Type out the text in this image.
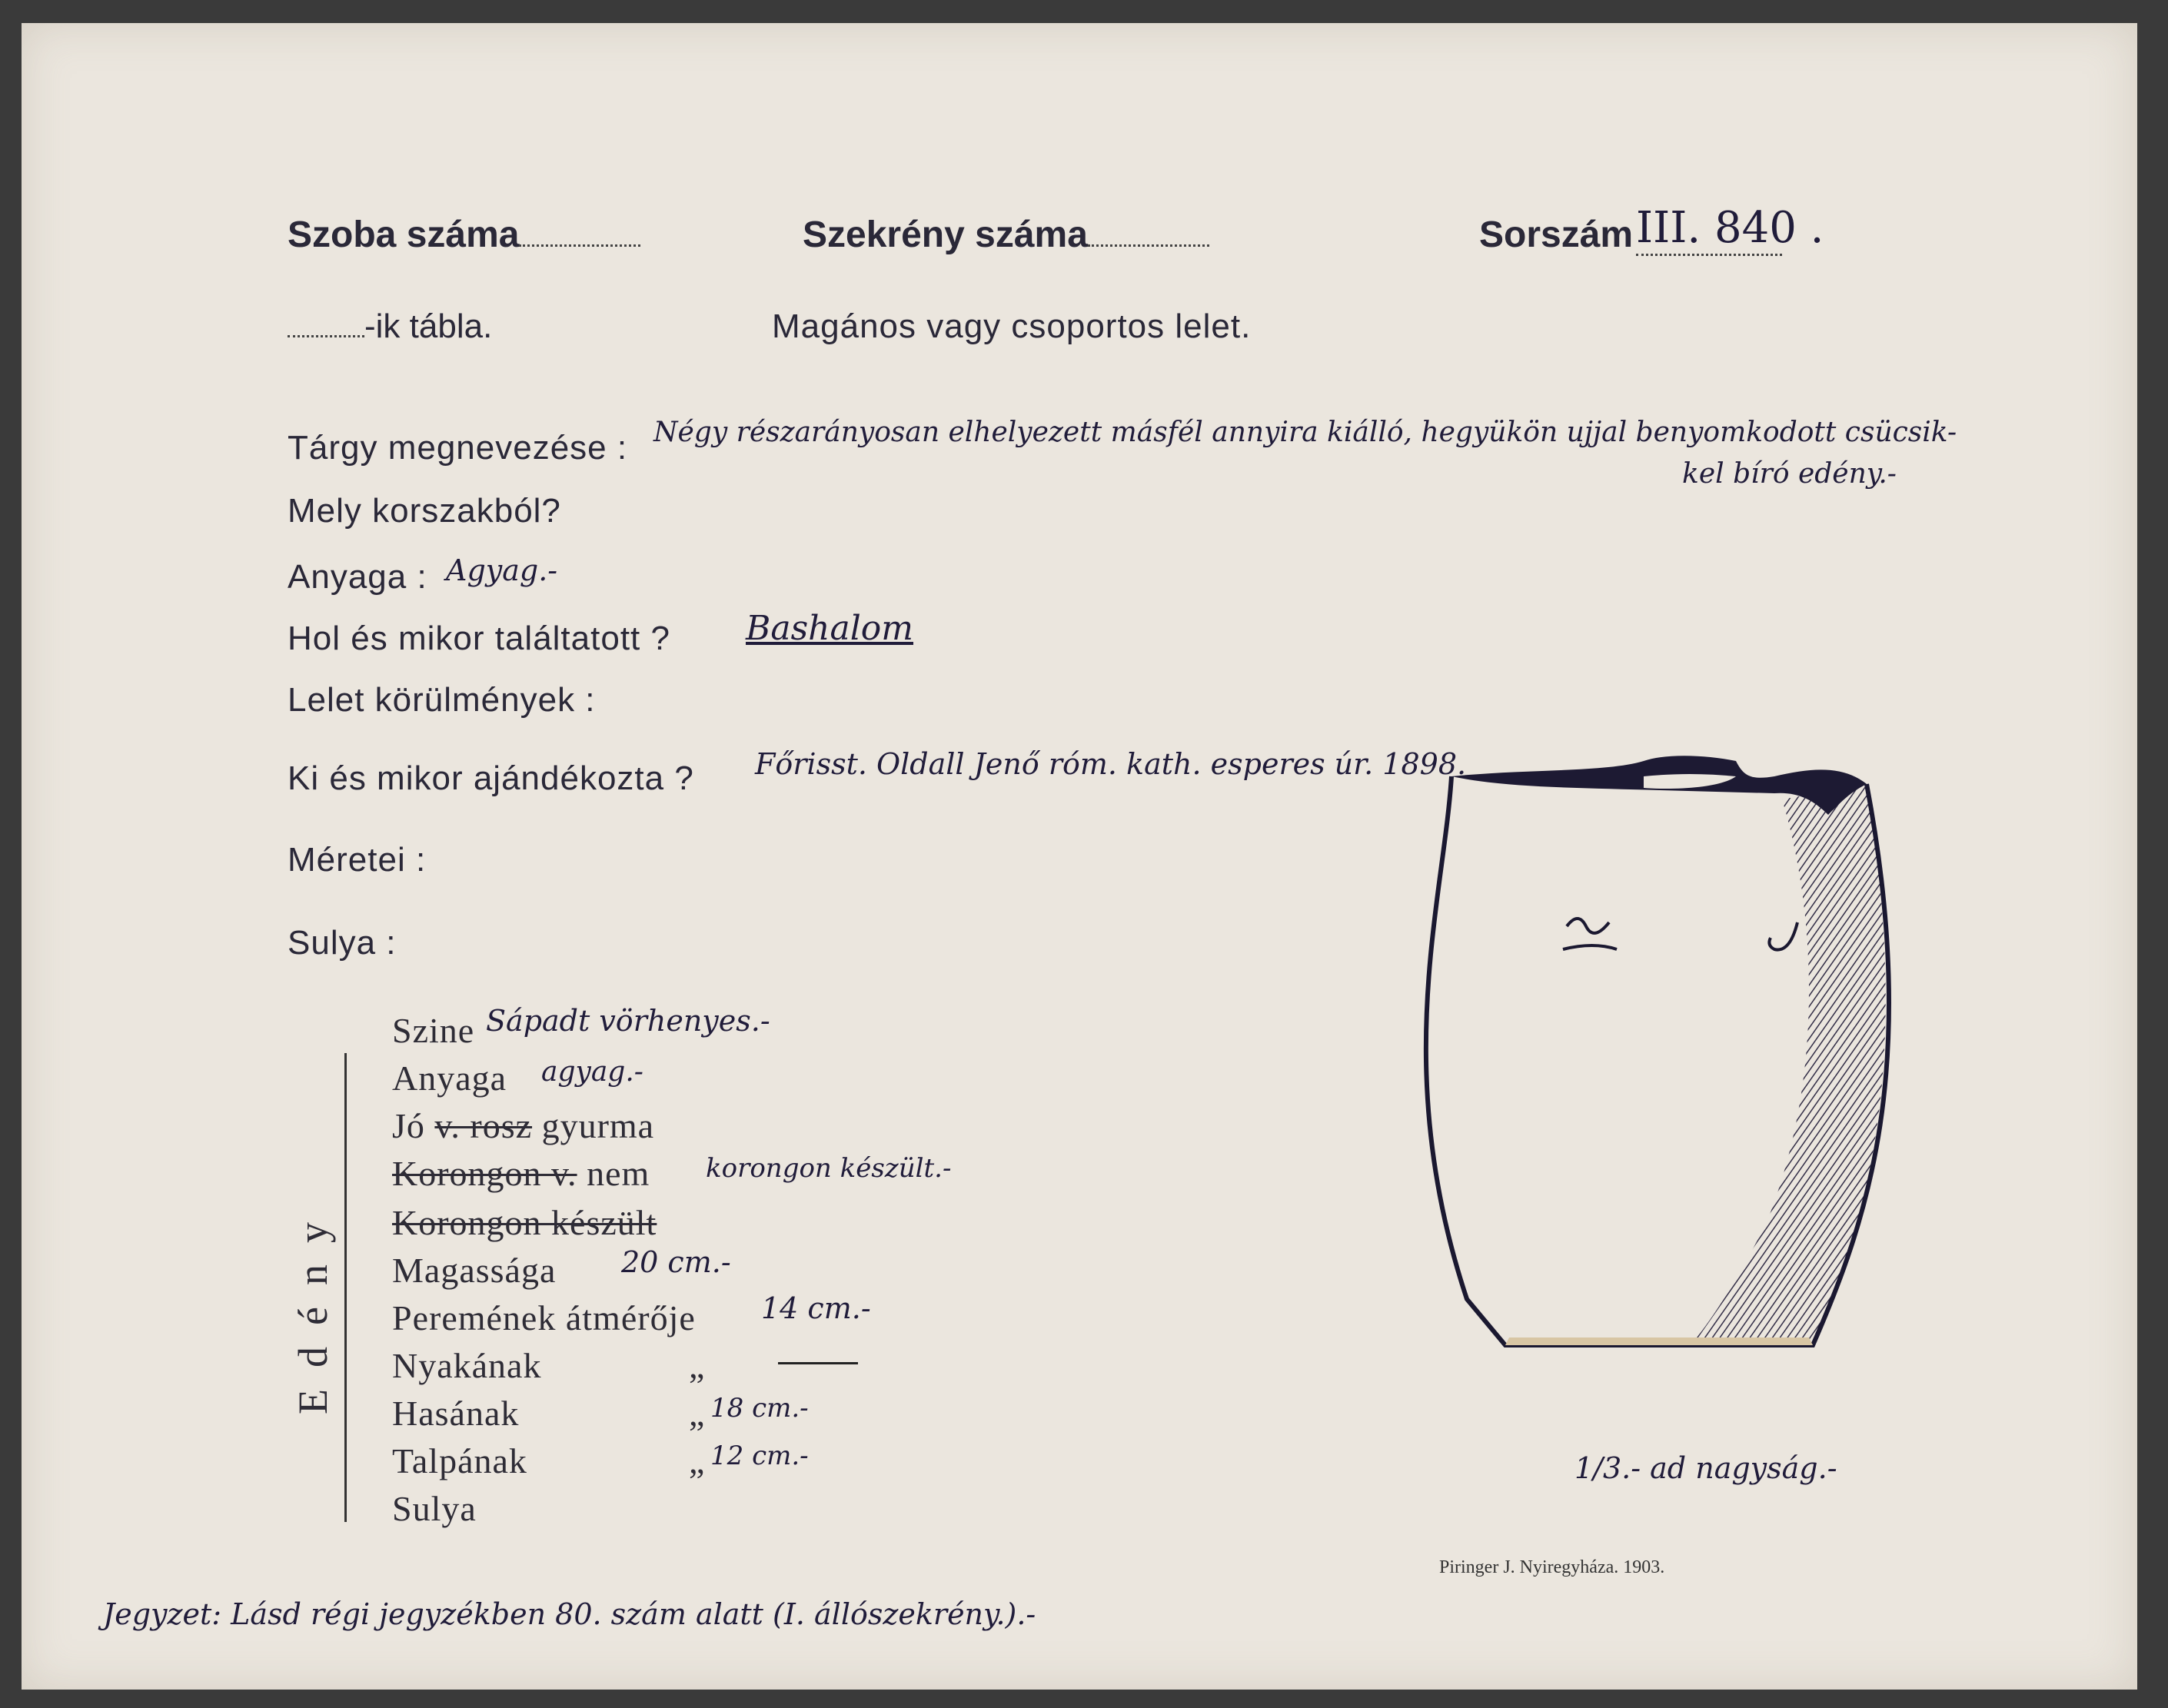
Szoba száma	Szekrény száma	Sorszám III. 840 .
-ik tábla.	Magános vagy csoportos lelet.
Tárgy megnevezése : Négy részarányosan elhelyezett másfél annyira kiálló, hegyükön ujjal benyomkodott csücsik-
kel bíró edény.-
Mely korszakból?
Anyaga : Agyag.-
Hol és mikor találtatott ? Bashalom
Lelet körülmények :
Ki és mikor ajándékozta ? Főrisst. Oldall Jenő róm. kath. esperes úr. 1898.
Méretei :
Sulya :
Edény
Szine Sápadt vörhenyes.-
Anyaga agyag.-
Jó v. rosz gyurma
Korongon v. nem korongon készült.-
Korongon készült
Magassága 20 cm.-
Peremének átmérője 14 cm.-
Nyakának	„
Hasának	„ 18 cm.-
Talpának	„ 12 cm.-
Sulya
1/3.- ad nagyság.-
Piringer J. Nyiregyháza. 1903.
Jegyzet: Lásd régi jegyzékben 80. szám alatt (I. állószekrény.).-
